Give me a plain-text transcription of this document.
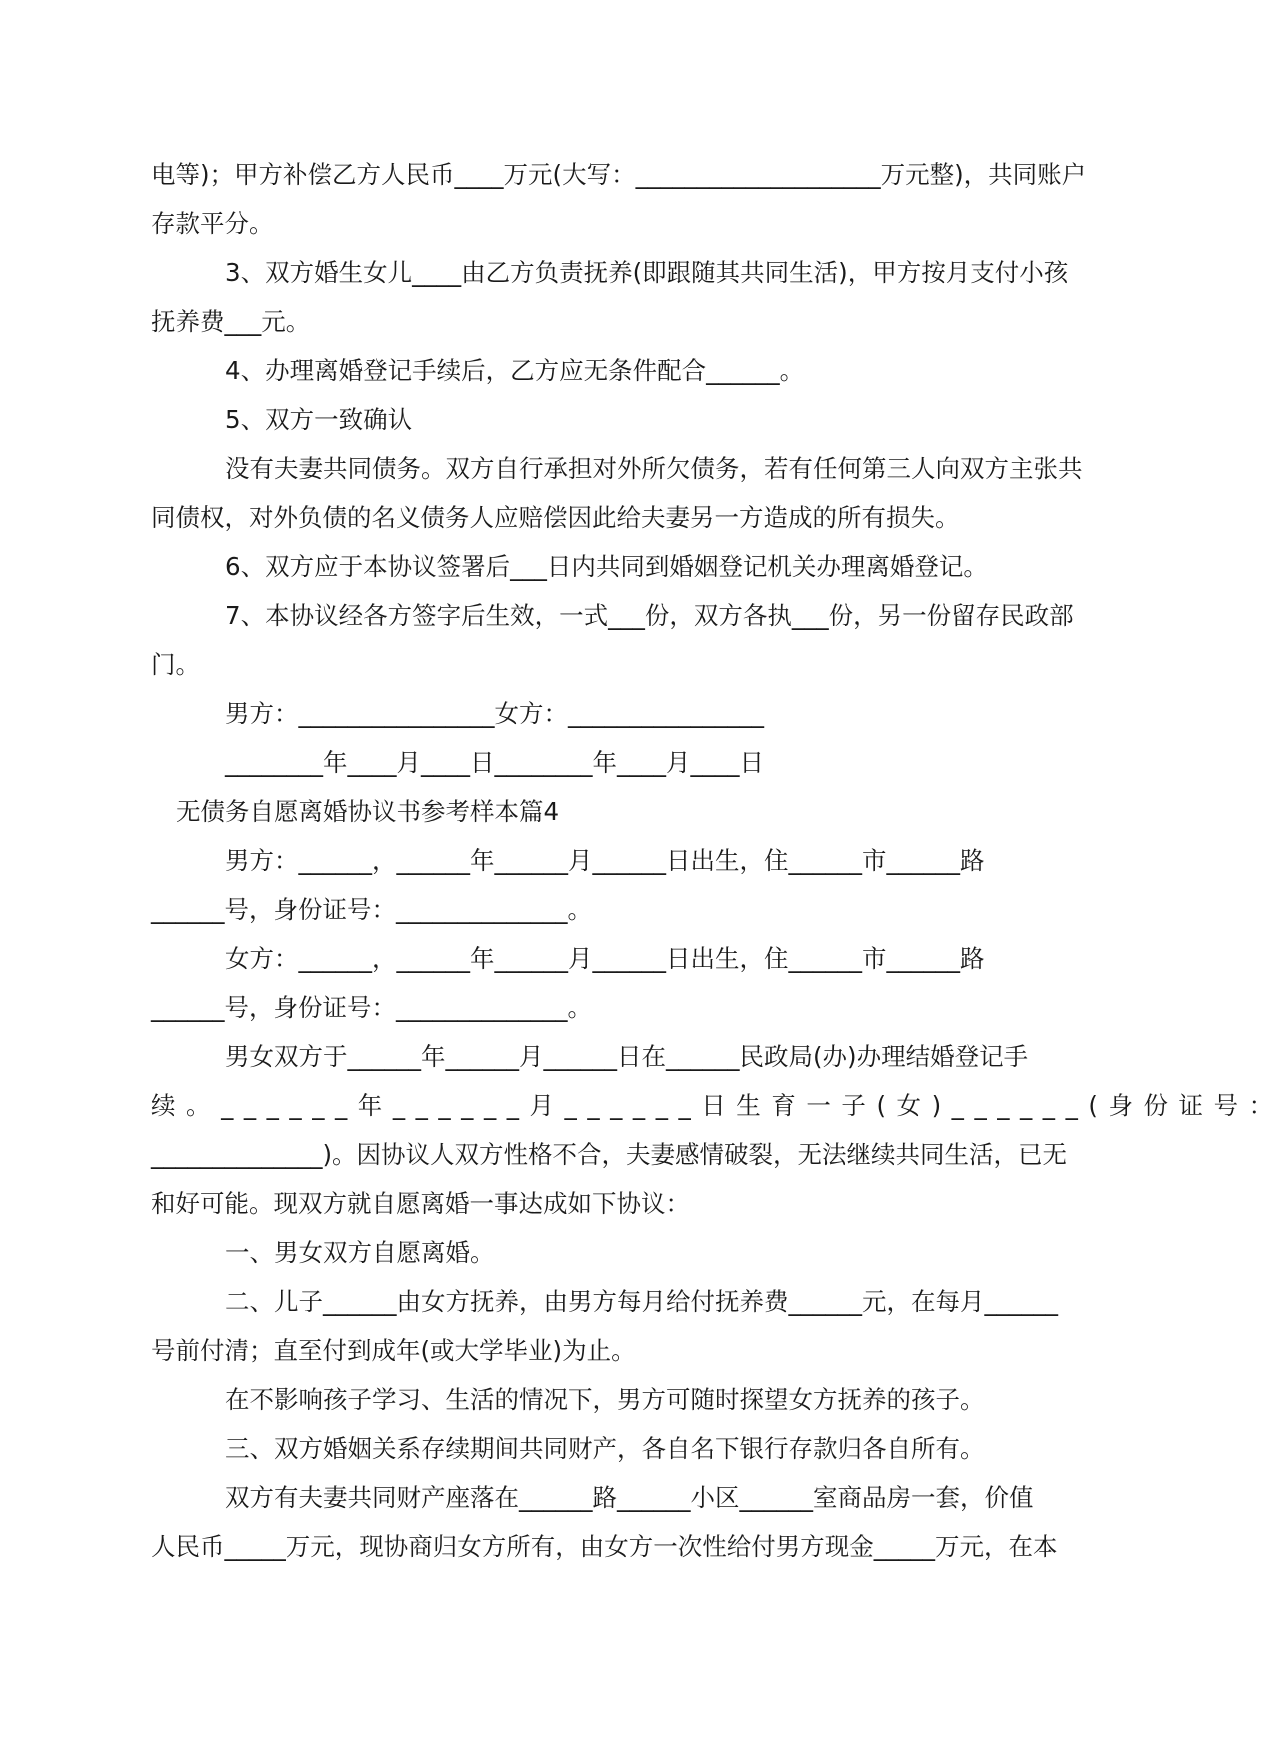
电等)；甲方补偿乙方人民币____万元(大写：____________________万元整)，共同账户
存款平分。
3、双方婚生女儿____由乙方负责抚养(即跟随其共同生活)，甲方按月支付小孩
抚养费___元。
4、办理离婚登记手续后，乙方应无条件配合______。
5、双方一致确认
没有夫妻共同债务。双方自行承担对外所欠债务，若有任何第三人向双方主张共
同债权，对外负债的名义债务人应赔偿因此给夫妻另一方造成的所有损失。
6、双方应于本协议签署后___日内共同到婚姻登记机关办理离婚登记。
7、本协议经各方签字后生效，一式___份，双方各执___份，另一份留存民政部
门。
男方：________________女方：________________
________年____月____日________年____月____日
无债务自愿离婚协议书参考样本篇4
男方：______，______年______月______日出生，住______市______路
______号，身份证号：______________。
女方：______，______年______月______日出生，住______市______路
______号，身份证号：______________。
男女双方于______年______月______日在______民政局(办)办理结婚登记手
续。______年______月______日生育一子(女)______(身份证号：
______________)。因协议人双方性格不合，夫妻感情破裂，无法继续共同生活，已无
和好可能。现双方就自愿离婚一事达成如下协议：
一、男女双方自愿离婚。
二、儿子______由女方抚养，由男方每月给付抚养费______元，在每月______
号前付清；直至付到成年(或大学毕业)为止。
在不影响孩子学习、生活的情况下，男方可随时探望女方抚养的孩子。
三、双方婚姻关系存续期间共同财产，各自名下银行存款归各自所有。
双方有夫妻共同财产座落在______路______小区______室商品房一套，价值
人民币_____万元，现协商归女方所有，由女方一次性给付男方现金_____万元，在本
